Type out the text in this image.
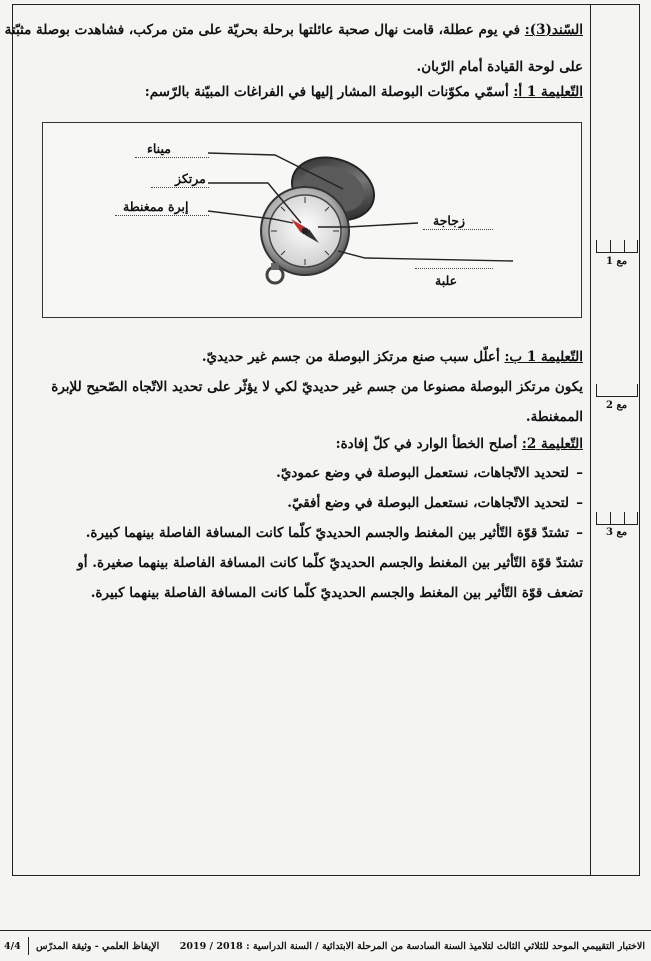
السّند(3): في يوم عطلة، قامت نهال صحبة عائلتها برحلة بحريّة على متن مركب، فشاهدت بوصلة مثبّتة
على لوحة القيادة أمام الرّبان.
التّعليمة 1 أ: أسمّي مكوّنات البوصلة المشار إليها في الفراغات المبيّنة بالرّسم:
ميناء
مرتكز
إبرة ممغنطة
زجاجة
علبة
التّعليمة 1 ب: أعلّل سبب صنع مرتكز البوصلة من جسم غير حديديّ.
يكون مرتكز البوصلة مصنوعا من جسم غير حديديّ لكي لا يؤثّر على تحديد الاتّجاه الصّحيح للإبرة
الممغنطة.
التّعليمة 2: أصلح الخطأ الوارد في كلّ إفادة:
–لتحديد الاتّجاهات، نستعمل البوصلة في وضع عموديّ.
–لتحديد الاتّجاهات، نستعمل البوصلة في وضع أفقيّ.
–تشتدّ قوّة التّأثير بين المغنط والجسم الحديديّ كلّما كانت المسافة الفاصلة بينهما كبيرة.
تشتدّ قوّة التّأثير بين المغنط والجسم الحديديّ كلّما كانت المسافة الفاصلة بينهما صغيرة. أو
تضعف قوّة التّأثير بين المغنط والجسم الحديديّ كلّما كانت المسافة الفاصلة بينهما كبيرة.
مع 1
مع 2
مع 3
الاختبار التقييمي الموحد للثلاثي الثالث لتلاميذ السنة السادسة من المرحلة الابتدائية / السنة الدراسية : 2018 / 2019
الإيقاظ العلمي - وثيقة المدرّس
4/4
